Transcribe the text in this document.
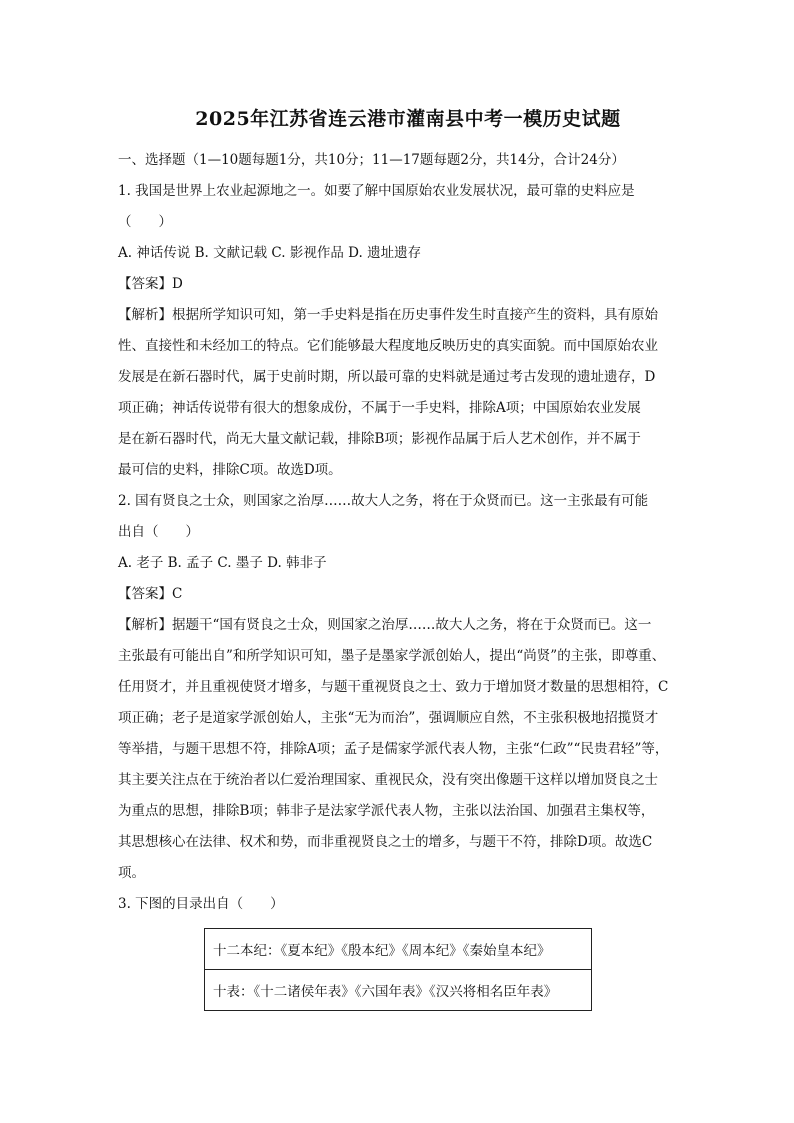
2025年江苏省连云港市灌南县中考一模历史试题

一、选择题（1—10题每题1分，共10分；11—17题每题2分，共14分，合计24分）

1. 我国是世界上农业起源地之一。如要了解中国原始农业发展状况，最可靠的史料应是

（　　）

A. 神话传说 B. 文献记载 C. 影视作品 D. 遗址遗存

【答案】D

【解析】根据所学知识可知，第一手史料是指在历史事件发生时直接产生的资料，具有原始

性、直接性和未经加工的特点。它们能够最大程度地反映历史的真实面貌。而中国原始农业

发展是在新石器时代，属于史前时期，所以最可靠的史料就是通过考古发现的遗址遗存，D

项正确；神话传说带有很大的想象成份，不属于一手史料，排除A项；中国原始农业发展

是在新石器时代，尚无大量文献记载，排除B项；影视作品属于后人艺术创作，并不属于

最可信的史料，排除C项。故选D项。

2. 国有贤良之士众，则国家之治厚……故大人之务，将在于众贤而已。这一主张最有可能

出自（　　）

A. 老子 B. 孟子 C. 墨子 D. 韩非子

【答案】C

【解析】据题干“国有贤良之士众，则国家之治厚……故大人之务，将在于众贤而已。这一

主张最有可能出自”和所学知识可知，墨子是墨家学派创始人，提出“尚贤”的主张，即尊重、

任用贤才，并且重视使贤才增多，与题干重视贤良之士、致力于增加贤才数量的思想相符，C

项正确；老子是道家学派创始人，主张“无为而治”，强调顺应自然，不主张积极地招揽贤才

等举措，与题干思想不符，排除A项；孟子是儒家学派代表人物，主张“仁政”“民贵君轻”等，

其主要关注点在于统治者以仁爱治理国家、重视民众，没有突出像题干这样以增加贤良之士

为重点的思想，排除B项；韩非子是法家学派代表人物，主张以法治国、加强君主集权等，

其思想核心在法律、权术和势，而非重视贤良之士的增多，与题干不符，排除D项。故选C

项。

3. 下图的目录出自（　　）

十二本纪：《夏本纪》《殷本纪》《周本纪》《秦始皇本纪》
十表：《十二诸侯年表》《六国年表》《汉兴将相名臣年表》
